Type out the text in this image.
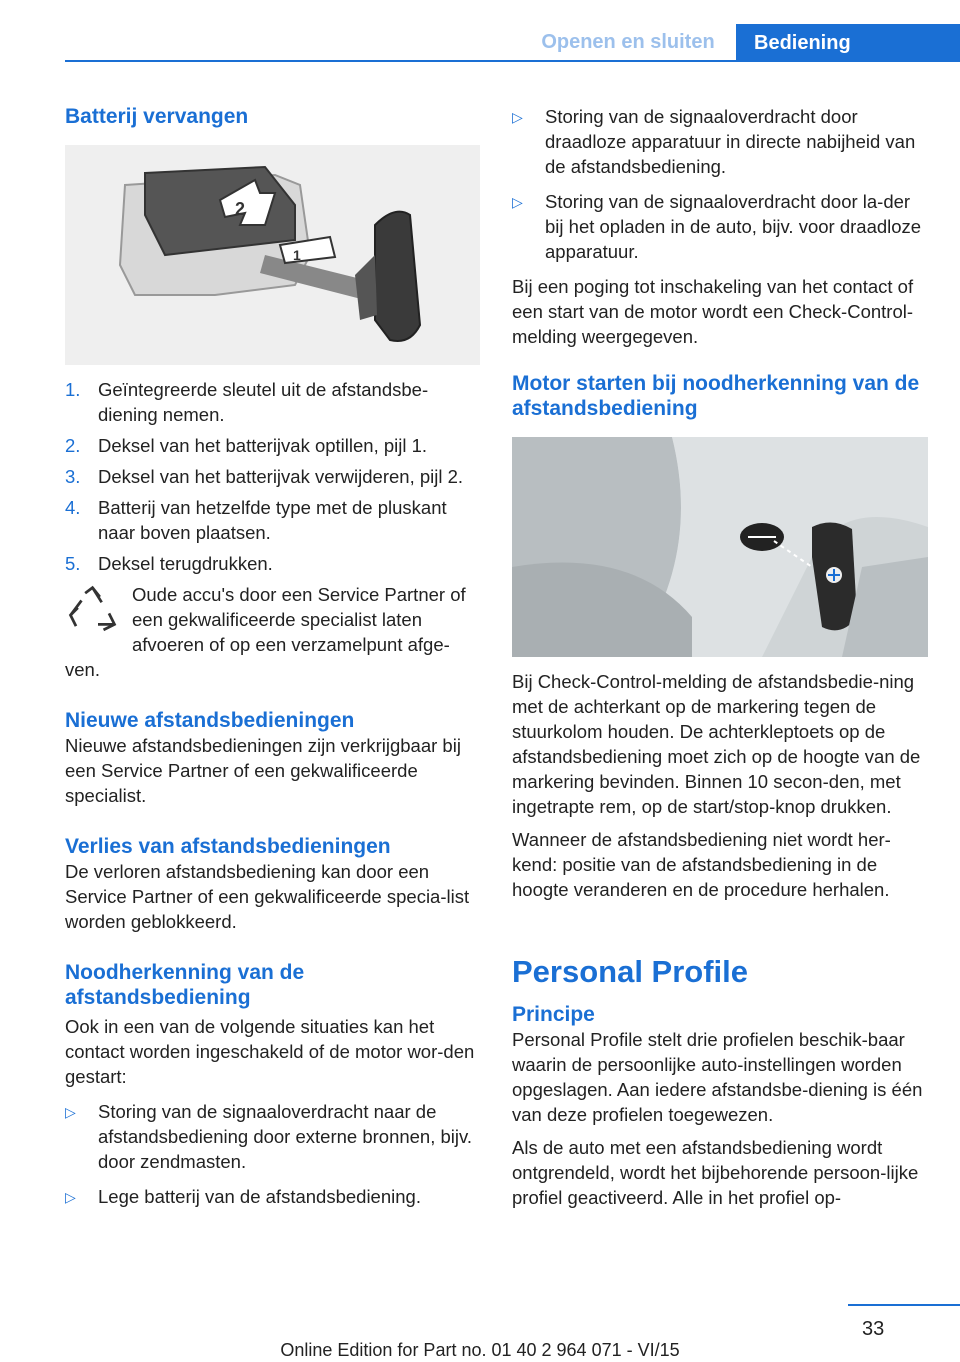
Openen en sluiten	Bediening
Batterij vervangen
2
1
1. Geïntegreerde sleutel uit de afstandsbe-diening nemen.
2. Deksel van het batterijvak optillen, pijl 1.
3. Deksel van het batterijvak verwijderen, pijl 2.
4. Batterij van hetzelfde type met de pluskant naar boven plaatsen.
5. Deksel terugdrukken.

Oude accu's door een Service Partner of een gekwalificeerde specialist laten afvoeren of op een verzamelpunt afge-ven.

Nieuwe afstandsbedieningen

Nieuwe afstandsbedieningen zijn verkrijgbaar bij een Service Partner of een gekwalificeerde specialist.

Verlies van afstandsbedieningen

De verloren afstandsbediening kan door een Service Partner of een gekwalificeerde specia-list worden geblokkeerd.

Noodherkenning van de afstandsbediening

Ook in een van de volgende situaties kan het contact worden ingeschakeld of de motor wor-den gestart:

▷	Storing van de signaaloverdracht naar de afstandsbediening door externe bronnen, bijv. door zendmasten.
▷	Lege batterij van de afstandsbediening.
▷	Storing van de signaaloverdracht door draadloze apparatuur in directe nabijheid van de afstandsbediening.
▷	Storing van de signaaloverdracht door la-der bij het opladen in de auto, bijv. voor draadloze apparatuur.

Bij een poging tot inschakeling van het contact of een start van de motor wordt een Check-Control-melding weergegeven.

Motor starten bij noodherkenning van de afstandsbediening

Bij Check-Control-melding de afstandsbedie-ning met de achterkant op de markering tegen de stuurkolom houden. De achterkleptoets op de afstandsbediening moet zich op de hoogte van de markering bevinden. Binnen 10 secon-den, met ingetrapte rem, op de start/stop-knop drukken.

Wanneer de afstandsbediening niet wordt her-kend: positie van de afstandsbediening in de hoogte veranderen en de procedure herhalen.

Personal Profile
Principe

Personal Profile stelt drie profielen beschik-baar waarin de persoonlijke auto-instellingen worden opgeslagen. Aan iedere afstandsbe-diening is één van deze profielen toegewezen.

Als de auto met een afstandsbediening wordt ontgrendeld, wordt het bijbehorende persoon-lijke profiel geactiveerd. Alle in het profiel op-

33
Online Edition for Part no. 01 40 2 964 071 - VI/15
